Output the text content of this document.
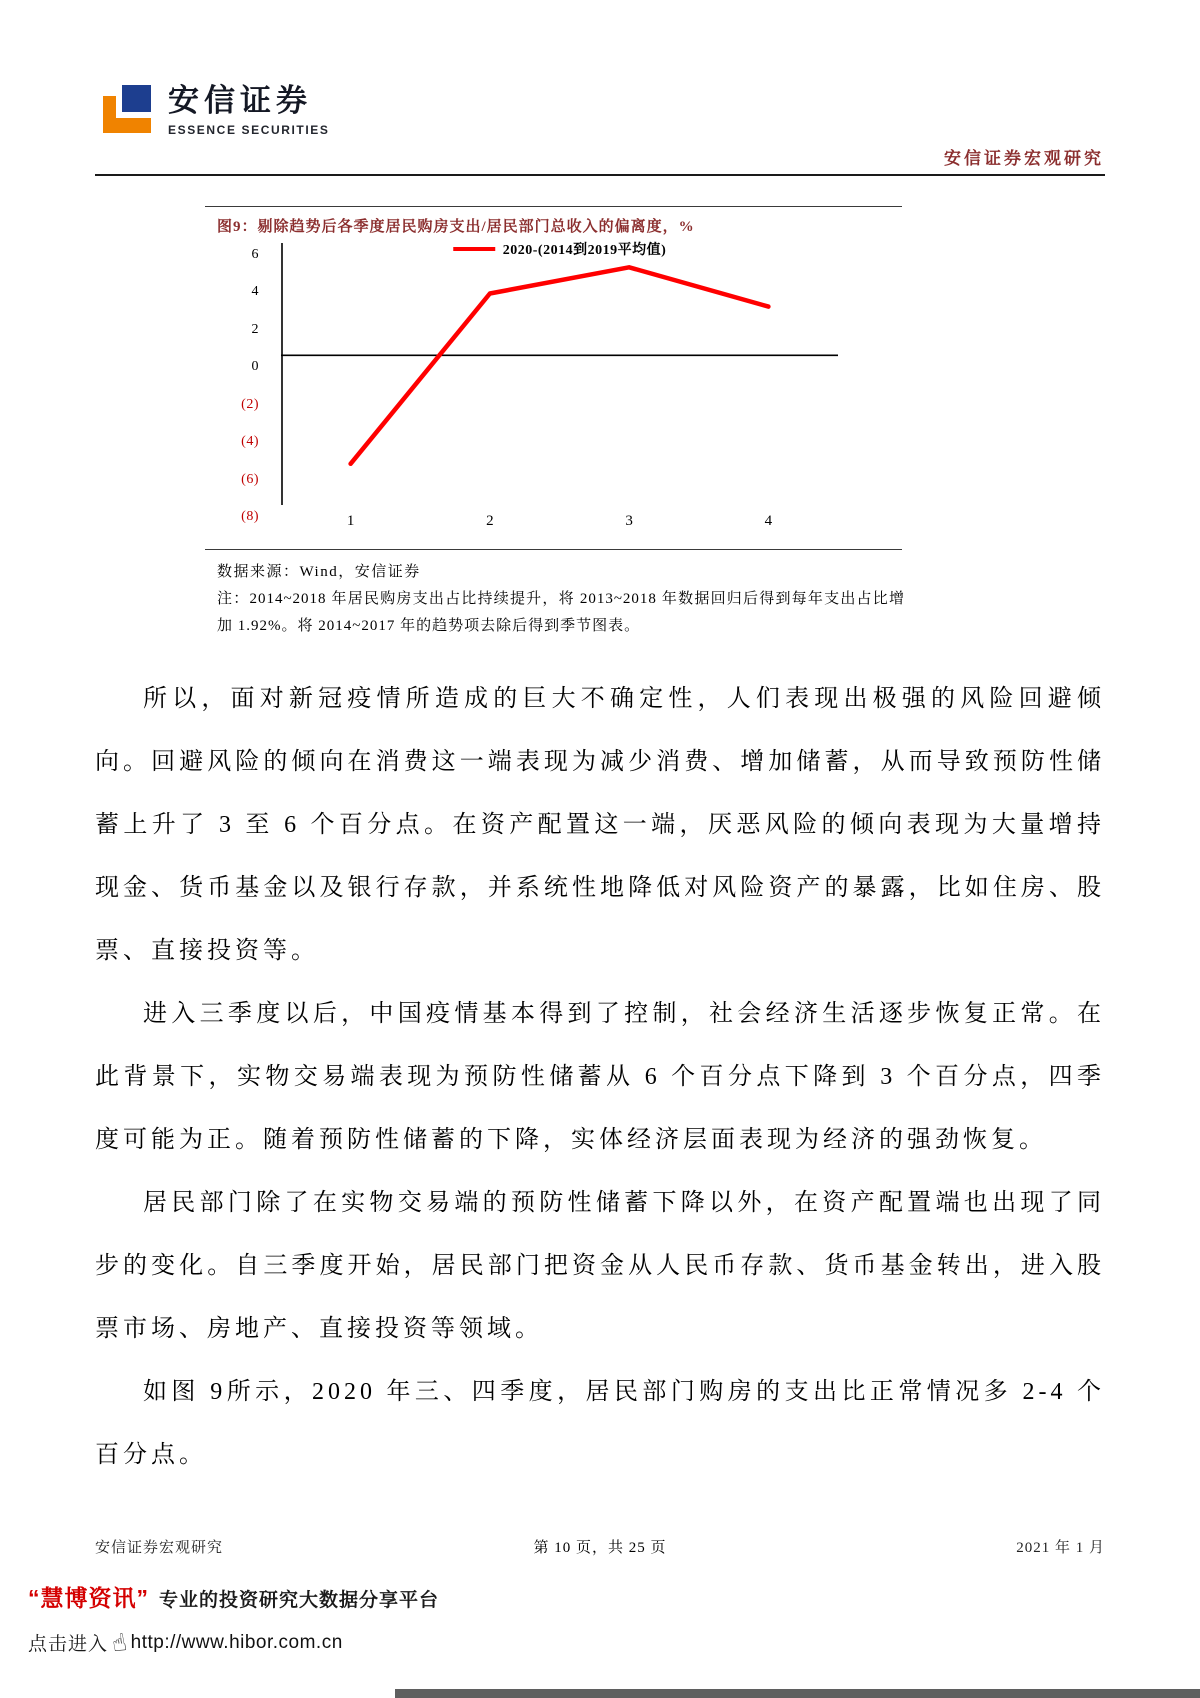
安信证券
ESSENCE SECURITIES
安信证券宏观研究
图9：剔除趋势后各季度居民购房支出/居民部门总收入的偏离度，%
6
4
2
0
(2)
(4)
(6)
(8)
2020-(2014到2019平均值)
1	2	3	4
数据来源：Wind，安信证券
注：2014~2018 年居民购房支出占比持续提升，将 2013~2018 年数据回归后得到每年支出占比增加 1.92%。将 2014~2017 年的趋势项去除后得到季节图表。

所以，面对新冠疫情所造成的巨大不确定性，人们表现出极强的风险回避倾向。回避风险的倾向在消费这一端表现为减少消费、增加储蓄，从而导致预防性储蓄上升了 3 至 6 个百分点。在资产配置这一端，厌恶风险的倾向表现为大量增持现金、货币基金以及银行存款，并系统性地降低对风险资产的暴露，比如住房、股票、直接投资等。

进入三季度以后，中国疫情基本得到了控制，社会经济生活逐步恢复正常。在此背景下，实物交易端表现为预防性储蓄从 6 个百分点下降到 3 个百分点，四季度可能为正。随着预防性储蓄的下降，实体经济层面表现为经济的强劲恢复。

居民部门除了在实物交易端的预防性储蓄下降以外，在资产配置端也出现了同步的变化。自三季度开始，居民部门把资金从人民币存款、货币基金转出，进入股票市场、房地产、直接投资等领域。

如图 9所示，2020 年三、四季度，居民部门购房的支出比正常情况多 2-4 个百分点。

安信证券宏观研究	第 10 页，共 25 页	2021 年 1 月
“慧博资讯” 专业的投资研究大数据分享平台
点击进入 ☝ http://www.hibor.com.cn
